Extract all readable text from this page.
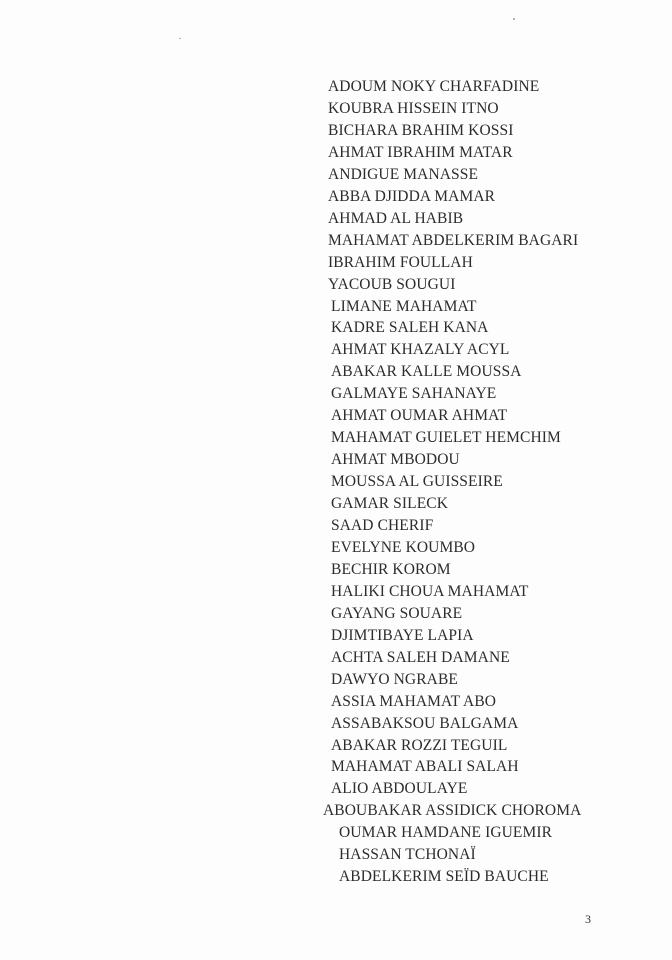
ADOUM NOKY CHARFADINE
KOUBRA HISSEIN ITNO
BICHARA BRAHIM KOSSI
AHMAT IBRAHIM MATAR
ANDIGUE MANASSE
ABBA DJIDDA MAMAR
AHMAD AL HABIB
MAHAMAT ABDELKERIM BAGARI
IBRAHIM FOULLAH
YACOUB SOUGUI
LIMANE MAHAMAT
KADRE SALEH KANA
AHMAT KHAZALY ACYL
ABAKAR KALLE MOUSSA
GALMAYE SAHANAYE
AHMAT OUMAR AHMAT
MAHAMAT GUIELET HEMCHIM
AHMAT MBODOU
MOUSSA AL GUISSEIRE
GAMAR SILECK
SAAD CHERIF
EVELYNE KOUMBO
BECHIR KOROM
HALIKI CHOUA MAHAMAT
GAYANG SOUARE
DJIMTIBAYE LAPIA
ACHTA SALEH DAMANE
DAWYO NGRABE
ASSIA MAHAMAT ABO
ASSABAKSOU BALGAMA
ABAKAR ROZZI TEGUIL
MAHAMAT ABALI SALAH
ALIO ABDOULAYE
ABOUBAKAR ASSIDICK CHOROMA
OUMAR HAMDANE IGUEMIR
HASSAN TCHONAÏ
ABDELKERIM SEÏD BAUCHE
3
